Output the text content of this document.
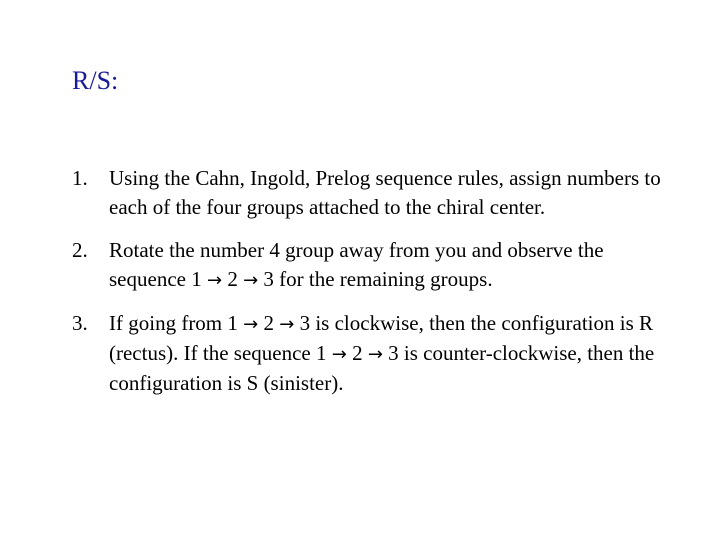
R/S:
1. Using the Cahn, Ingold, Prelog sequence rules, assign numbers to each of the four groups attached to the chiral center.
2. Rotate the number 4 group away from you and observe the sequence 1 → 2 → 3 for the remaining groups.
3. If going from 1 → 2 → 3 is clockwise, then the configuration is R (rectus). If the sequence 1 → 2 → 3 is counter-clockwise, then the configuration is S (sinister).
